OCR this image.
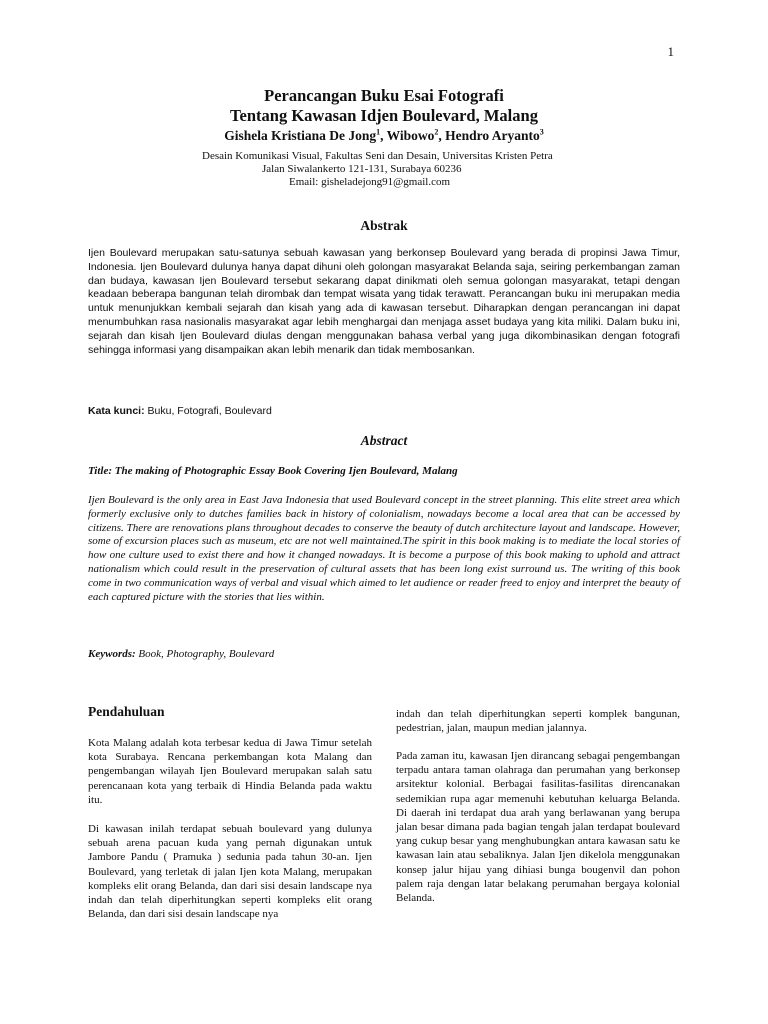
1
Perancangan Buku Esai Fotografi
Tentang Kawasan Idjen Boulevard, Malang
Gishela Kristiana De Jong$^1$, Wibowo$^2$, Hendro Aryanto$^3$
Desain Komunikasi Visual, Fakultas Seni dan Desain, Universitas Kristen Petra
Jalan Siwalankerto 121-131, Surabaya 60236
Email: gisheladejong91@gmail.com
Abstrak
Ijen Boulevard merupakan satu-satunya sebuah kawasan yang berkonsep Boulevard yang berada di propinsi Jawa Timur, Indonesia. Ijen Boulevard dulunya hanya dapat dihuni oleh golongan masyarakat Belanda saja, seiring perkembangan zaman dan budaya, kawasan Ijen Boulevard tersebut sekarang dapat dinikmati oleh semua golongan masyarakat, tetapi dengan keadaan beberapa bangunan telah dirombak dan tempat wisata yang tidak terawatt. Perancangan buku ini merupakan media untuk menunjukkan kembali sejarah dan kisah yang ada di kawasan tersebut. Diharapkan dengan perancangan ini dapat menumbuhkan rasa nasionalis masyarakat agar lebih menghargai dan menjaga asset budaya yang kita miliki. Dalam buku ini, sejarah dan kisah Ijen Boulevard diulas dengan menggunakan bahasa verbal yang juga dikombinasikan dengan fotografi sehingga informasi yang disampaikan akan lebih menarik dan tidak membosankan.
Kata kunci: Buku, Fotografi, Boulevard
Abstract
Title: The making of Photographic Essay Book Covering Ijen Boulevard, Malang
Ijen Boulevard is the only area in East Java Indonesia that used Boulevard concept in the street planning. This elite street area which formerly exclusive only to dutches families back in history of colonialism, nowadays become a local area that can be accessed by citizens. There are renovations plans throughout decades to conserve the beauty of dutch architecture layout and landscape. However, some of excursion places such as museum, etc are not well maintained.The spirit in this book making is to mediate the local stories of how one culture used to exist there and how it changed nowadays. It is become a purpose of this book making to uphold and attract nationalism which could result in the preservation of cultural assets that has been long exist surround us. The writing of this book come in two communication ways of verbal and visual which aimed to let audience or reader freed to enjoy and interpret the beauty of each captured picture with the stories that lies within.
Keywords: Book, Photography, Boulevard
Pendahuluan
Kota Malang adalah kota terbesar kedua di Jawa Timur setelah kota Surabaya. Rencana perkembangan kota Malang dan pengembangan wilayah Ijen Boulevard merupakan salah satu perencanaan kota yang terbaik di Hindia Belanda pada waktu itu.
Di kawasan inilah terdapat sebuah boulevard yang dulunya sebuah arena pacuan kuda yang pernah digunakan untuk Jambore Pandu ( Pramuka ) sedunia pada tahun 30-an. Ijen Boulevard, yang terletak di jalan Ijen kota Malang, merupakan kompleks elit orang Belanda, dan dari sisi desain landscape nya indah dan telah diperhitungkan seperti kompleks elit orang Belanda, dan dari sisi desain landscape nya
indah dan telah diperhitungkan seperti komplek bangunan, pedestrian, jalan, maupun median jalannya.
Pada zaman itu, kawasan Ijen dirancang sebagai pengembangan terpadu antara taman olahraga dan perumahan yang berkonsep arsitektur kolonial. Berbagai fasilitas-fasilitas direncanakan sedemikian rupa agar memenuhi kebutuhan keluarga Belanda. Di daerah ini terdapat dua arah yang berlawanan yang berupa jalan besar dimana pada bagian tengah jalan terdapat boulevard yang cukup besar yang menghubungkan antara kawasan satu ke kawasan lain atau sebaliknya. Jalan Ijen dikelola menggunakan konsep jalur hijau yang dihiasi bunga bougenvil dan pohon palem raja dengan latar belakang perumahan bergaya kolonial Belanda.
